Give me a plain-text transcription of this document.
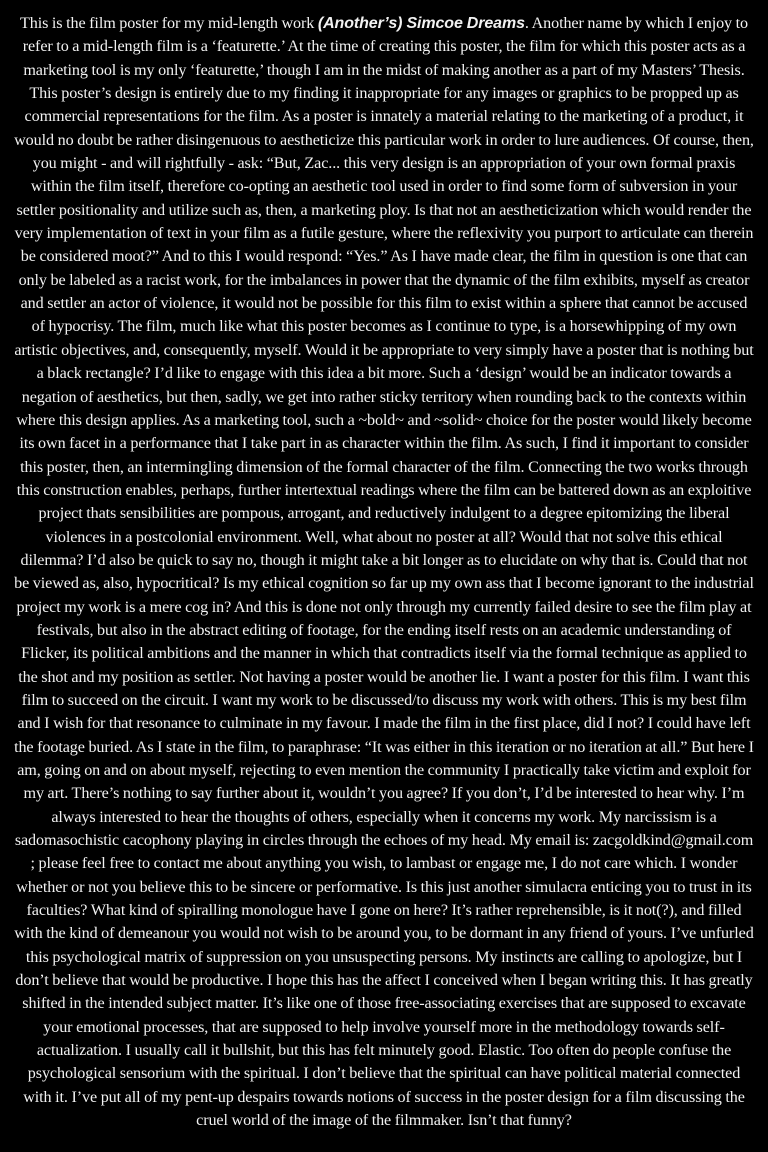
This is the film poster for my mid-length work (Another’s) Simcoe Dreams. Another name by which I enjoy to refer to a mid-length film is a ‘featurette.’ At the time of creating this poster, the film for which this poster acts as a marketing tool is my only ‘featurette,’ though I am in the midst of making another as a part of my Masters’ Thesis. This poster’s design is entirely due to my finding it inappropriate for any images or graphics to be propped up as commercial representations for the film. As a poster is innately a material relating to the marketing of a product, it would no doubt be rather disingenuous to aestheticize this particular work in order to lure audiences. Of course, then, you might - and will rightfully - ask: “But, Zac... this very design is an appropriation of your own formal praxis within the film itself, therefore co-opting an aesthetic tool used in order to find some form of subversion in your settler positionality and utilize such as, then, a marketing ploy. Is that not an aestheticization which would render the very implementation of text in your film as a futile gesture, where the reflexivity you purport to articulate can therein be considered moot?” And to this I would respond: “Yes.” As I have made clear, the film in question is one that can only be labeled as a racist work, for the imbalances in power that the dynamic of the film exhibits, myself as creator and settler an actor of violence, it would not be possible for this film to exist within a sphere that cannot be accused of hypocrisy. The film, much like what this poster becomes as I continue to type, is a horsewhipping of my own artistic objectives, and, consequently, myself. Would it be appropriate to very simply have a poster that is nothing but a black rectangle? I’d like to engage with this idea a bit more. Such a ‘design’ would be an indicator towards a negation of aesthetics, but then, sadly, we get into rather sticky territory when rounding back to the contexts within where this design applies. As a marketing tool, such a ~bold~ and ~solid~ choice for the poster would likely become its own facet in a performance that I take part in as character within the film. As such, I find it important to consider this poster, then, an intermingling dimension of the formal character of the film. Connecting the two works through this construction enables, perhaps, further intertextual readings where the film can be battered down as an exploitive project thats sensibilities are pompous, arrogant, and reductively indulgent to a degree epitomizing the liberal violences in a postcolonial environment. Well, what about no poster at all? Would that not solve this ethical dilemma? I’d also be quick to say no, though it might take a bit longer as to elucidate on why that is. Could that not be viewed as, also, hypocritical? Is my ethical cognition so far up my own ass that I become ignorant to the industrial project my work is a mere cog in? And this is done not only through my currently failed desire to see the film play at festivals, but also in the abstract editing of footage, for the ending itself rests on an academic understanding of Flicker, its political ambitions and the manner in which that contradicts itself via the formal technique as applied to the shot and my position as settler. Not having a poster would be another lie. I want a poster for this film. I want this film to succeed on the circuit. I want my work to be discussed/to discuss my work with others. This is my best film and I wish for that resonance to culminate in my favour. I made the film in the first place, did I not? I could have left the footage buried. As I state in the film, to paraphrase: “It was either in this iteration or no iteration at all.” But here I am, going on and on about myself, rejecting to even mention the community I practically take victim and exploit for my art. There’s nothing to say further about it, wouldn’t you agree? If you don’t, I’d be interested to hear why. I’m always interested to hear the thoughts of others, especially when it concerns my work. My narcissism is a sadomasochistic cacophony playing in circles through the echoes of my head. My email is: zacgoldkind@gmail.com ; please feel free to contact me about anything you wish, to lambast or engage me, I do not care which. I wonder whether or not you believe this to be sincere or performative. Is this just another simulacra enticing you to trust in its faculties? What kind of spiralling monologue have I gone on here? It’s rather reprehensible, is it not(?), and filled with the kind of demeanour you would not wish to be around you, to be dormant in any friend of yours. I’ve unfurled this psychological matrix of suppression on you unsuspecting persons. My instincts are calling to apologize, but I don’t believe that would be productive. I hope this has the affect I conceived when I began writing this. It has greatly shifted in the intended subject matter. It’s like one of those free-associating exercises that are supposed to excavate your emotional processes, that are supposed to help involve yourself more in the methodology towards self-actualization. I usually call it bullshit, but this has felt minutely good. Elastic. Too often do people confuse the psychological sensorium with the spiritual. I don’t believe that the spiritual can have political material connected with it. I’ve put all of my pent-up despairs towards notions of success in the poster design for a film discussing the cruel world of the image of the filmmaker. Isn’t that funny?
